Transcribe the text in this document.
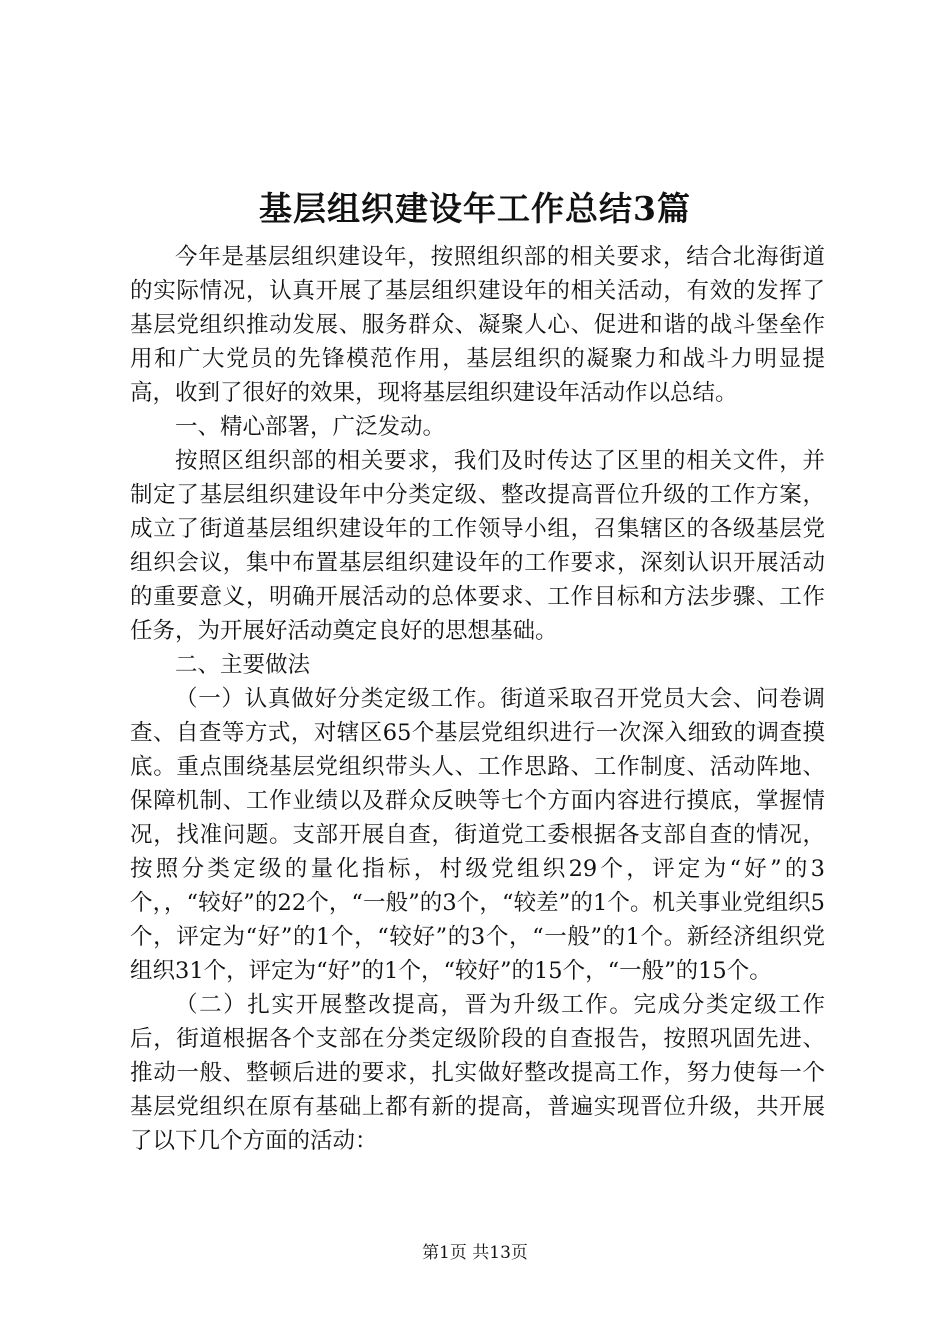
基层组织建设年工作总结3篇

今年是基层组织建设年，按照组织部的相关要求，结合北海街道的实际情况，认真开展了基层组织建设年的相关活动，有效的发挥了基层党组织推动发展、服务群众、凝聚人心、促进和谐的战斗堡垒作用和广大党员的先锋模范作用，基层组织的凝聚力和战斗力明显提高，收到了很好的效果，现将基层组织建设年活动作以总结。

一、精心部署，广泛发动。

按照区组织部的相关要求，我们及时传达了区里的相关文件，并制定了基层组织建设年中分类定级、整改提高晋位升级的工作方案，成立了街道基层组织建设年的工作领导小组，召集辖区的各级基层党组织会议，集中布置基层组织建设年的工作要求，深刻认识开展活动的重要意义，明确开展活动的总体要求、工作目标和方法步骤、工作任务，为开展好活动奠定良好的思想基础。

二、主要做法

（一）认真做好分类定级工作。街道采取召开党员大会、问卷调查、自查等方式，对辖区65个基层党组织进行一次深入细致的调查摸底。重点围绕基层党组织带头人、工作思路、工作制度、活动阵地、保障机制、工作业绩以及群众反映等七个方面内容进行摸底，掌握情况，找准问题。支部开展自查，街道党工委根据各支部自查的情况，按照分类定级的量化指标，村级党组织29个，评定为“好”的3个，，“较好”的22个，“一般”的3个，“较差”的1个。机关事业党组织5个，评定为“好”的1个，“较好”的3个，“一般”的1个。新经济组织党组织31个，评定为“好”的1个，“较好”的15个，“一般”的15个。

（二）扎实开展整改提高，晋为升级工作。完成分类定级工作后，街道根据各个支部在分类定级阶段的自查报告，按照巩固先进、推动一般、整顿后进的要求，扎实做好整改提高工作，努力使每一个基层党组织在原有基础上都有新的提高，普遍实现晋位升级，共开展了以下几个方面的活动：

第1页 共13页
